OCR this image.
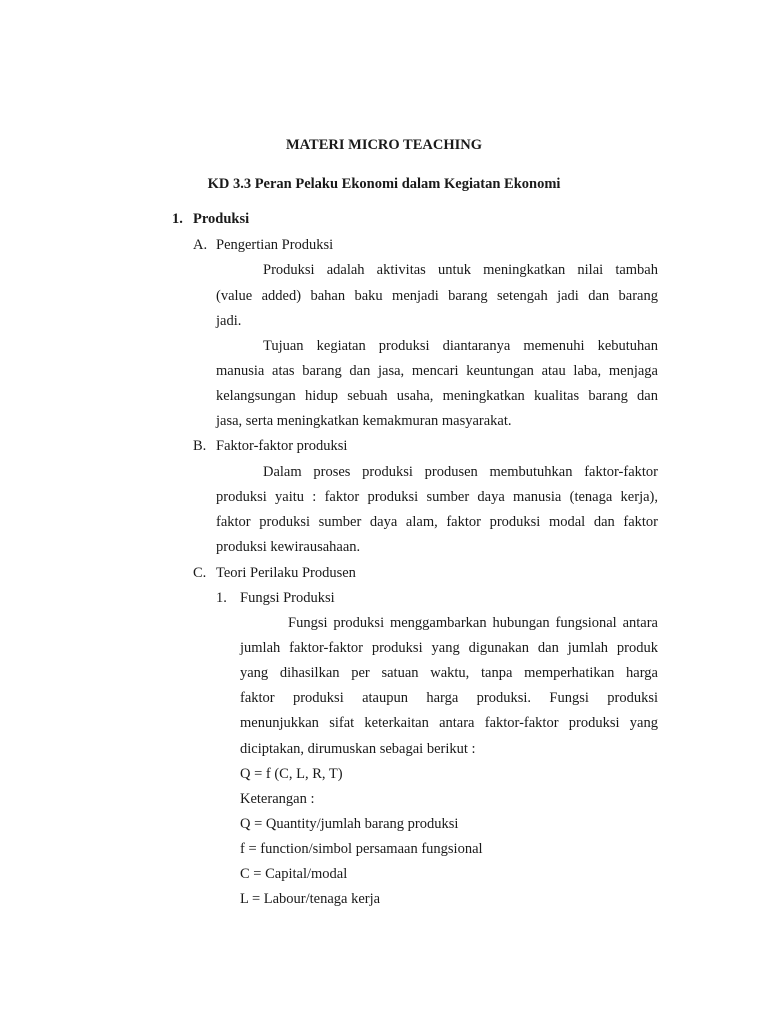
MATERI MICRO TEACHING
KD 3.3 Peran Pelaku Ekonomi dalam Kegiatan Ekonomi
1. Produksi
A. Pengertian Produksi
Produksi adalah aktivitas untuk meningkatkan nilai tambah
(value added) bahan baku menjadi barang setengah jadi dan barang
jadi.
Tujuan kegiatan produksi diantaranya memenuhi kebutuhan
manusia atas barang dan jasa, mencari keuntungan atau laba, menjaga
kelangsungan hidup sebuah usaha, meningkatkan kualitas barang dan
jasa, serta meningkatkan kemakmuran masyarakat.
B. Faktor-faktor produksi
Dalam proses produksi produsen membutuhkan faktor-faktor
produksi yaitu : faktor produksi sumber daya manusia (tenaga kerja),
faktor produksi sumber daya alam, faktor produksi modal dan faktor
produksi kewirausahaan.
C. Teori Perilaku Produsen
1. Fungsi Produksi
Fungsi produksi menggambarkan hubungan fungsional antara
jumlah faktor-faktor produksi yang digunakan dan jumlah produk
yang dihasilkan per satuan waktu, tanpa memperhatikan harga
faktor produksi ataupun harga produksi. Fungsi produksi
menunjukkan sifat keterkaitan antara faktor-faktor produksi yang
diciptakan, dirumuskan sebagai berikut :
Q = f (C, L, R, T)
Keterangan :
Q = Quantity/jumlah barang produksi
f = function/simbol persamaan fungsional
C = Capital/modal
L = Labour/tenaga kerja
